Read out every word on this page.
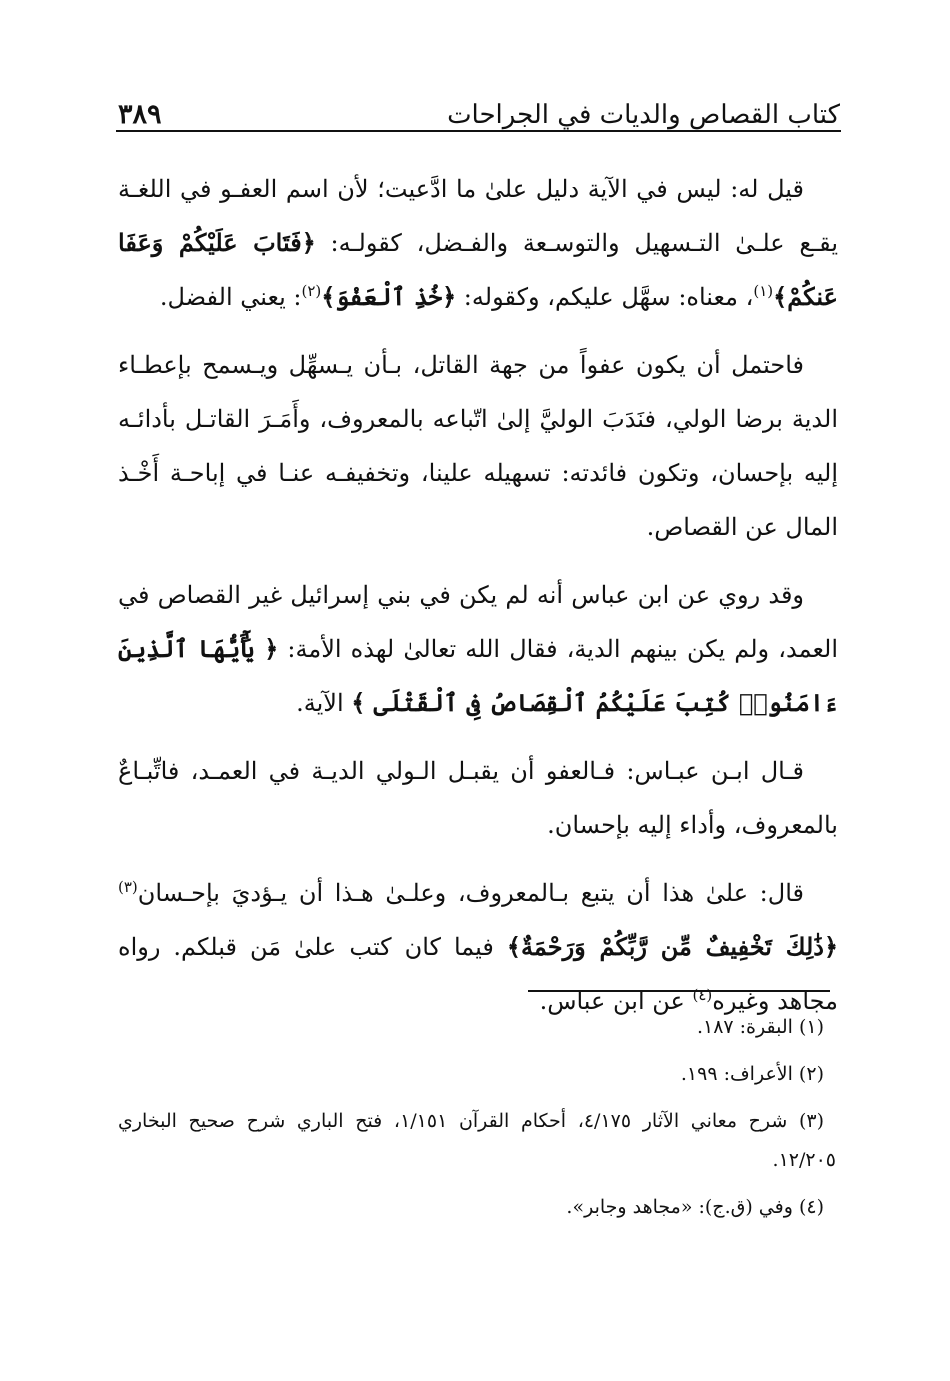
كتاب القصاص والديات في الجراحات
٣٨٩

قيل له: ليس في الآية دليل علىٰ ما ادَّعيت؛ لأن اسم العفـو في اللغـة يقـع علـىٰ التـسهيل والتوسـعة والفـضل، كقولـه: ﴿فَتَابَ عَلَيْكُمْ وَعَفَا عَنكُمْ﴾$^{(١)}$، معناه: سهَّل عليكم، وكقوله: ﴿خُذِ ٱلْعَفْوَ﴾$^{(٢)}$: يعني الفضل.

فاحتمل أن يكون عفواً من جهة القاتل، بـأن يـسهِّل ويـسمح بإعطـاء الدية برضا الولي، فنَدَبَ الوليَّ إلىٰ اتّباعه بالمعروف، وأَمَـرَ القاتـل بأدائـه إليه بإحسان، وتكون فائدته: تسهيله علينا، وتخفيفـه عنـا في إباحـة أَخْـذ المال عن القصاص.

وقد روي عن ابن عباس أنه لم يكن في بني إسرائيل غير القصاص في العمد، ولم يكن بينهم الدية، فقال الله تعالىٰ لهذه الأمة: ﴿ يَٰٓأَيُّهَا ٱلَّذِينَ ءَامَنُوا۟ كُتِبَ عَلَيْكُمُ ٱلْقِصَاصُ فِى ٱلْقَتْلَى ﴾ الآية.

قـال ابـن عبـاس: فـالعفو أن يقبـل الـولي الديـة في العمـد، فاتِّبـاعٌ بالمعروف، وأداء إليه بإحسان.

قال: علىٰ هذا أن يتبع بـالمعروف، وعلـىٰ هـذا أن يـؤديَ بإحـسان$^{(٣)}$ ﴿ذَٰلِكَ تَخْفِيفٌ مِّن رَّبِّكُمْ وَرَحْمَةٌ﴾ فيما كان كتب علىٰ مَن قبلكم. رواه مجاهد وغيره$^{(٤)}$ عن ابن عباس.

(١) البقرة: ١٨٧.

(٢) الأعراف: ١٩٩.

(٣) شرح معاني الآثار ٤/١٧٥، أحكام القرآن ١/١٥١، فتح الباري شرح صحيح البخاري ١٢/٢٠٥.

(٤) وفي (ق.ج): «مجاهد وجابر».
